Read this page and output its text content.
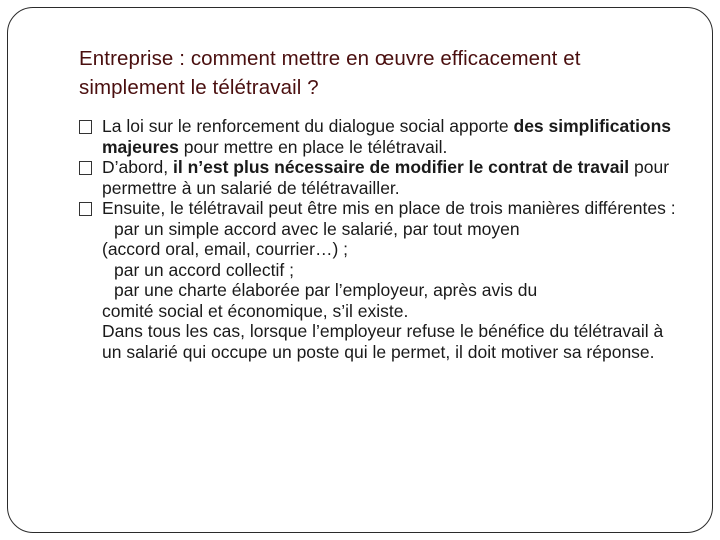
Entreprise : comment mettre en œuvre efficacement et
simplement le télétravail ?
La loi sur le renforcement du dialogue social apporte des simplifications majeures pour mettre en place le télétravail.
D’abord, il n’est plus nécessaire de modifier le contrat de travail pour permettre à un salarié de télétravailler.
Ensuite, le télétravail peut être mis en place de trois manières différentes :
par un simple accord avec le salarié, par tout moyen
(accord oral, email, courrier…) ;
par un accord collectif ;
par une charte élaborée par l’employeur, après avis du
comité social et économique, s’il existe.
Dans tous les cas, lorsque l’employeur refuse le bénéfice du télétravail à un salarié qui occupe un poste qui le permet, il doit motiver sa réponse.
